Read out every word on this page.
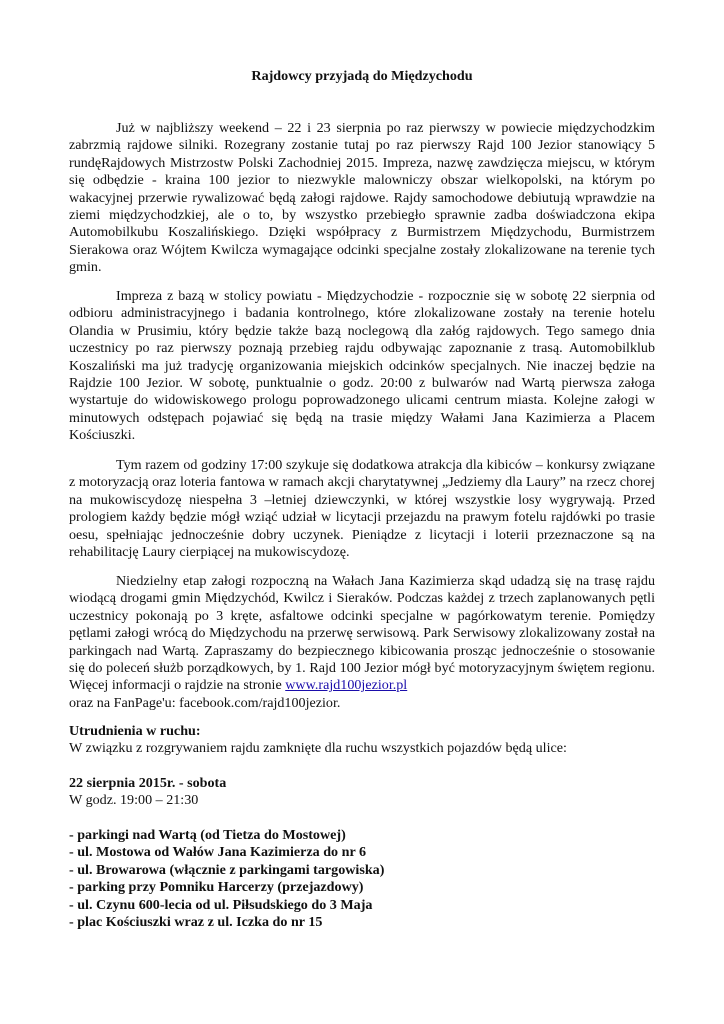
Rajdowcy przyjadą do Międzychodu

Już w najbliższy weekend – 22 i 23 sierpnia po raz pierwszy w powiecie międzychodzkim zabrzmią rajdowe silniki. Rozegrany zostanie tutaj po raz pierwszy Rajd 100 Jezior stanowiący 5 rundęRajdowych Mistrzostw Polski Zachodniej 2015. Impreza, nazwę zawdzięcza miejscu, w którym się odbędzie - kraina 100 jezior to niezwykle malowniczy obszar wielkopolski, na którym po wakacyjnej przerwie rywalizować będą załogi rajdowe. Rajdy samochodowe debiutują wprawdzie na ziemi międzychodzkiej, ale o to, by wszystko przebiegło sprawnie zadba doświadczona ekipa Automobilkubu Koszalińskiego. Dzięki współpracy z Burmistrzem Międzychodu, Burmistrzem Sierakowa oraz Wójtem Kwilcza wymagające odcinki specjalne zostały zlokalizowane na terenie tych gmin.

Impreza z bazą w stolicy powiatu - Międzychodzie - rozpocznie się w sobotę 22 sierpnia od odbioru administracyjnego i badania kontrolnego, które zlokalizowane zostały na terenie hotelu Olandia w Prusimiu, który będzie także bazą noclegową dla załóg rajdowych. Tego samego dnia uczestnicy po raz pierwszy poznają przebieg rajdu odbywając zapoznanie z trasą. Automobilklub Koszaliński ma już tradycję organizowania miejskich odcinków specjalnych. Nie inaczej będzie na Rajdzie 100 Jezior. W sobotę, punktualnie o godz. 20:00 z bulwarów nad Wartą pierwsza załoga wystartuje do widowiskowego prologu poprowadzonego ulicami centrum miasta. Kolejne załogi w minutowych odstępach pojawiać się będą na trasie między Wałami Jana Kazimierza a Placem Kościuszki.

Tym razem od godziny 17:00 szykuje się dodatkowa atrakcja dla kibiców – konkursy związane z motoryzacją oraz loteria fantowa w ramach akcji charytatywnej „Jedziemy dla Laury” na rzecz chorej na mukowiscydozę niespełna 3 –letniej dziewczynki, w której wszystkie losy wygrywają. Przed prologiem każdy będzie mógł wziąć udział w licytacji przejazdu na prawym fotelu rajdówki po trasie oesu, spełniając jednocześnie dobry uczynek. Pieniądze z licytacji i loterii przeznaczone są na rehabilitację Laury cierpiącej na mukowiscydozę.

Niedzielny etap załogi rozpoczną na Wałach Jana Kazimierza skąd udadzą się na trasę rajdu wiodącą drogami gmin Międzychód, Kwilcz i Sieraków. Podczas każdej z trzech zaplanowanych pętli uczestnicy pokonają po 3 kręte, asfaltowe odcinki specjalne w pagórkowatym terenie. Pomiędzy pętlami załogi wrócą do Międzychodu na przerwę serwisową. Park Serwisowy zlokalizowany został na parkingach nad Wartą. Zapraszamy do bezpiecznego kibicowania prosząc jednocześnie o stosowanie się do poleceń służb porządkowych, by 1. Rajd 100 Jezior mógł być motoryzacyjnym świętem regionu. Więcej informacji o rajdzie na stronie www.rajd100jezior.pl
oraz na FanPage'u: facebook.com/rajd100jezior.

Utrudnienia w ruchu:
W związku z rozgrywaniem rajdu zamknięte dla ruchu wszystkich pojazdów będą ulice:
22 sierpnia 2015r. - sobota
W godz. 19:00 – 21:30
- parkingi nad Wartą (od Tietza do Mostowej)
- ul. Mostowa od Wałów Jana Kazimierza do nr 6
- ul. Browarowa (włącznie z parkingami targowiska)
- parking przy Pomniku Harcerzy (przejazdowy)
- ul. Czynu 600-lecia od ul. Piłsudskiego do 3 Maja
- plac Kościuszki wraz z ul. Iczka do nr 15
